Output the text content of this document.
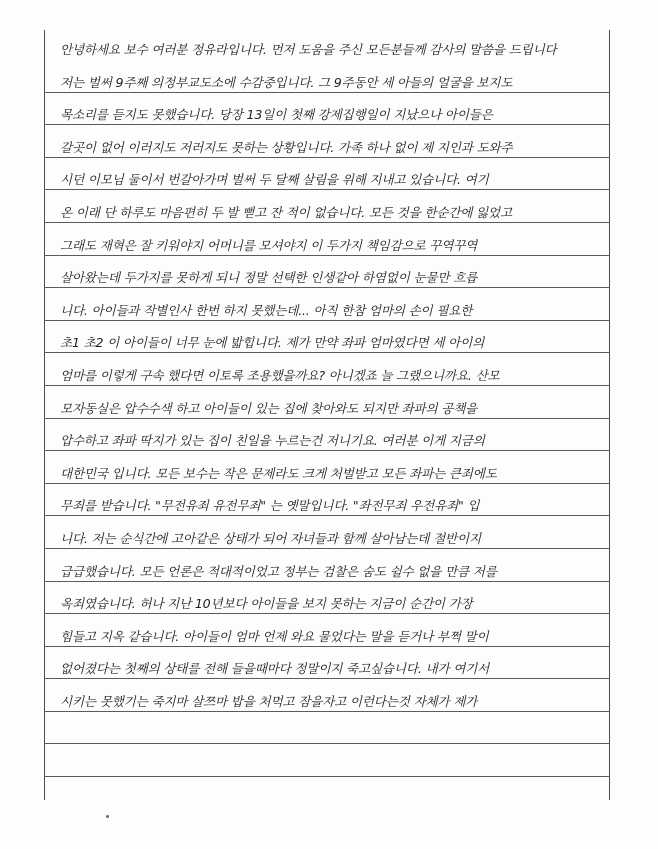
안녕하세요 보수 여러분 정유라입니다. 먼저 도움을 주신 모든분들께 감사의 말씀을 드립니다
저는 벌써 9주째 의정부교도소에 수감중입니다. 그 9주동안 세 아들의 얼굴을 보지도
목소리를 듣지도 못했습니다. 당장 13일이 첫째 강제집행일이 지났으나 아이들은
갈곳이 없어 이러지도 저러지도 못하는 상황입니다. 가족 하나 없이 제 지인과 도와주
시던 이모님 둘이서 번갈아가며 벌써 두 달째 살림을 위해 지내고 있습니다. 여기
온 이래 단 하루도 마음편히 두 발 뻗고 잔 적이 없습니다. 모든 것을 한순간에 잃었고
그래도 재혁은 잘 키워야지 어머니를 모셔야지 이 두가지 책임감으로 꾸역꾸역
살아왔는데 두가지를 못하게 되니 정말 선택한 인생같아 하염없이 눈물만 흐릅
니다. 아이들과 작별인사 한번 하지 못했는데... 아직 한참 엄마의 손이 필요한
초1 초2 이 아이들이 너무 눈에 밟힙니다. 제가 만약 좌파 엄마였다면 세 아이의
엄마를 이렇게 구속 했다면 이토록 조용했을까요? 아니겠죠 늘 그랬으니까요. 산모
모자동실은 압수수색 하고 아이들이 있는 집에 찾아와도 되지만 좌파의 공책을
압수하고 좌파 딱지가 있는 집이 친일을 누르는건 저니기요. 여러분 이게 지금의
대한민국 입니다. 모든 보수는 작은 문제라도 크게 처벌받고 모든 좌파는 큰죄에도
무죄를 받습니다. "무전유죄 유전무죄" 는 옛말입니다. "좌전무죄 우전유죄" 입
니다. 저는 순식간에 고아같은 상태가 되어 자녀들과 함께 살아남는데 절반이지
급급했습니다. 모든 언론은 적대적이었고 정부는 검찰은 숨도 쉴수 없을 만큼 저를
옥죄였습니다. 허나 지난 10년보다 아이들을 보지 못하는 지금이 순간이 가장
힘들고 지옥 같습니다. 아이들이 엄마 언제 와요 물었다는 말을 듣거나 부쩍 말이
없어졌다는 첫째의 상태를 전해 들을때마다 정말이지 죽고싶습니다. 내가 여기서
시키는 못했기는 죽지마 살쯔마 밥을 처먹고 잠을자고 이런다는것 자체가 제가
